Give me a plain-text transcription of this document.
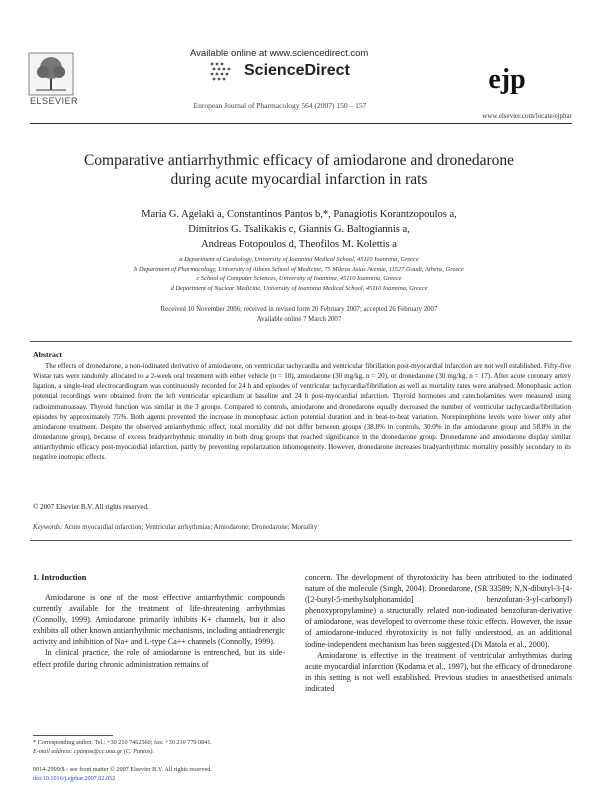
ELSEVIER
Available online at www.sciencedirect.com
ScienceDirect
European Journal of Pharmacology 564 (2007) 150 – 157
ejp
www.elsevier.com/locate/ejphar
Comparative antiarrhythmic efficacy of amiodarone and dronedarone
during acute myocardial infarction in rats
Maria G. Agelaki a, Constantinos Pantos b,*, Panagiotis Korantzopoulos a,
Dimitrios G. Tsalikakis c, Giannis G. Baltogiannis a,
Andreas Fotopoulos d, Theofilos M. Kolettis a
a Department of Cardiology, University of Ioannina Medical School, 45110 Ioannina, Greece
b Department of Pharmacology, University of Athens School of Medicine, 75 Mikras Asias Avenue, 11527 Goudi, Athens, Greece
c School of Computer Sciences, University of Ioannina, 45110 Ioannina, Greece
d Department of Nuclear Medicine, University of Ioannina Medical School, 45110 Ioannina, Greece
Received 10 November 2006; received in revised form 20 February 2007; accepted 26 February 2007
Available online 7 March 2007
Abstract

The effects of dronedarone, a non-iodinated derivative of amiodarone, on ventricular tachycardia and ventricular fibrillation post-myocardial infarction are not well established. Fifty-five Wistar rats were randomly allocated to a 2-week oral treatment with either vehicle (n = 18), amiodarone (30 mg/kg, n = 20), or dronedarone (30 mg/kg, n = 17). After acute coronary artery ligation, a single-lead electrocardiogram was continuously recorded for 24 h and episodes of ventricular tachycardia/fibrillation as well as mortality rates were analysed. Monophasic action potential recordings were obtained from the left ventricular epicardium at baseline and 24 h post-myocardial infarction. Thyroid hormones and catecholamines were measured using radioimmunoassay. Thyroid function was similar in the 3 groups. Compared to controls, amiodarone and dronedarone equally decreased the number of ventricular tachycardia/fibrillation episodes by approximately 75%. Both agents prevented the increase in monophasic action potential duration and in beat-to-beat variation. Norepinephrine levels were lower only after amiodarone treatment. Despite the observed antiarrhythmic effect, total mortality did not differ between groups (38.8% in controls, 30.0% in the amiodarone group and 58.8% in the dronedarone group), because of excess bradyarrhythmic mortality in both drug groups that reached significance in the dronedarone group. Dronedarone and amiodarone display similar antiarrhythmic efficacy post-myocardial infarction, partly by preventing repolarization inhomogeneity. However, dronedarone increases bradyarrhythmic mortality possibly secondary to its negative inotropic effects.

© 2007 Elsevier B.V. All rights reserved.
Keywords: Acute myocardial infarction; Ventricular arrhythmias; Amiodarone; Dronedarone; Mortality
1. Introduction

Amiodarone is one of the most effective antiarrhythmic compounds currently available for the treatment of life-threatening arrhythmias (Connolly, 1999). Amiodarone primarily inhibits K+ channels, but it also exhibits all other known antiarrhythmic mechanisms, including antiadrenergic activity and inhibition of Na+ and L-type Ca++ channels (Connolly, 1999).

In clinical practice, the role of amiodarone is entrenched, but its side-effect profile during chronic administration remains of

concern. The development of thyrotoxicity has been attributed to the iodinated nature of the molecule (Singh, 2004). Dronedarone, (SR 33589; N,N-dibutyl-3-[4-([2-butyl-5-methylsulphonamido] benzofuran-3-yl-carbonyl) phenoxypropylamine) a structurally related non-iodinated benzofuran-derivative of amiodarone, was developed to overcome these toxic effects. However, the issue of amiodarone-induced thyrotoxicity is not fully understood, as an additional iodine-independent mechanism has been suggested (Di Matola et al., 2000).

Amiodarone is effective in the treatment of ventricular arrhythmias during acute myocardial infarction (Kodama et al., 1997), but the efficacy of dronedarone in this setting is not well established. Previous studies in anaesthetised animals indicated

* Corresponding author. Tel.: +30 210 7462560; fax: +30 210 779 0841.
E-mail address: cpantos@cc.uoa.gr (C. Pantos).
0014-2999/$ - see front matter © 2007 Elsevier B.V. All rights reserved.
doi:10.1016/j.ejphar.2007.02.052
